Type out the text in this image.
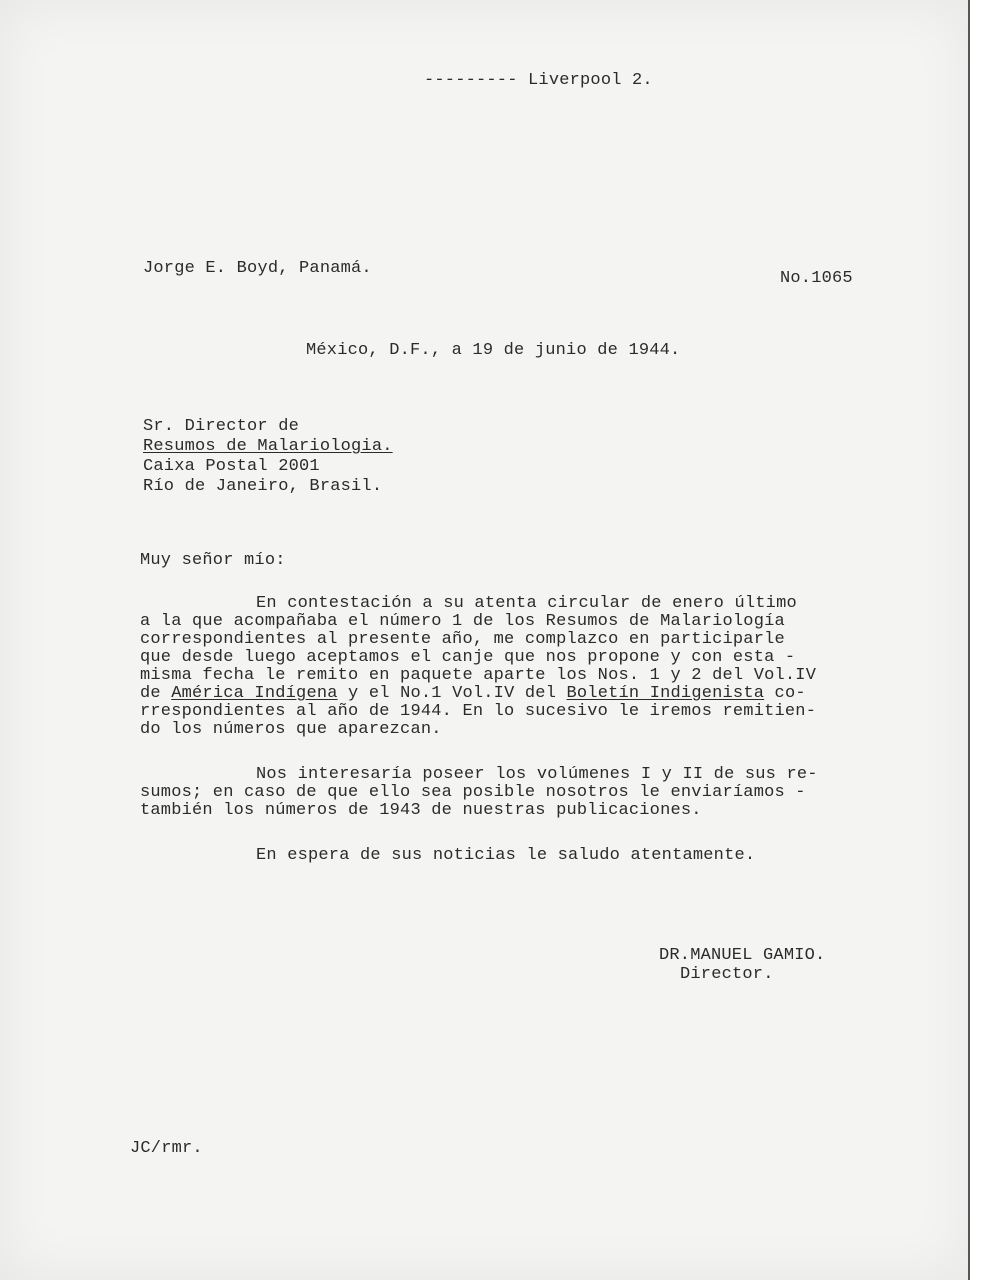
--------- Liverpool 2.

Jorge E. Boyd, Panamá.

No.1065

México, D.F., a 19 de junio de 1944.

Sr. Director de

Resumos de Malariologia.

Caixa Postal 2001

Río de Janeiro, Brasil.

Muy señor mío:

En contestación a su atenta circular de enero último

a la que acompañaba el número 1 de los Resumos de Malariología

correspondientes al presente año, me complazco en participarle

que desde luego aceptamos el canje que nos propone y con esta -

misma fecha le remito en paquete aparte los Nos. 1 y 2 del Vol.IV

de América Indígena y el No.1 Vol.IV del Boletín Indigenista co-

rrespondientes al año de 1944. En lo sucesivo le iremos remitien-

do los números que aparezcan.

Nos interesaría poseer los volúmenes I y II de sus re-

sumos; en caso de que ello sea posible nosotros le enviaríamos -

también los números de 1943 de nuestras publicaciones.

En espera de sus noticias le saludo atentamente.

DR.MANUEL GAMIO.

Director.

JC/rmr.
